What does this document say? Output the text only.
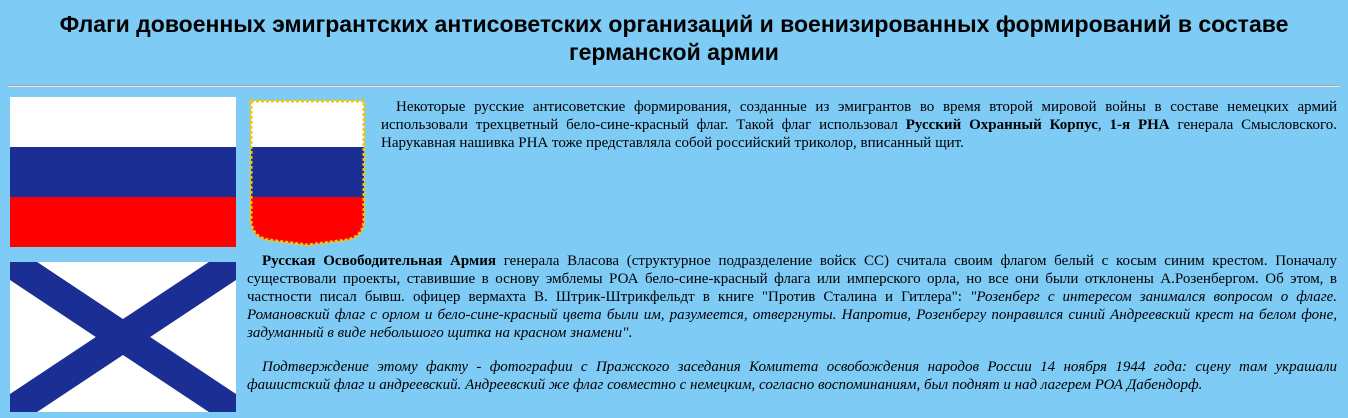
Флаги довоенных эмигрантских антисоветских организаций и военизированных формирований в составе германской армии

Некоторые русские антисоветские формирования, созданные из эмигрантов во время второй мировой войны в составе немецких армий использовали трехцветный бело-сине-красный флаг. Такой флаг использовал Русский Охранный Корпус, 1-я РНА генерала Смысловского. Нарукавная нашивка РНА тоже представляла собой российский триколор, вписанный щит.

Русская Освободительная Армия генерала Власова (структурное подразделение войск СС) считала своим флагом белый с косым синим крестом. Поначалу существовали проекты, ставившие в основу эмблемы РОА бело-сине-красный флага или имперского орла, но все они были отклонены А.Розенбергом. Об этом, в частности писал бывш. офицер вермахта В. Штрик-Штрикфельдт в книге "Против Сталина и Гитлера": "Розенберг с интересом занимался вопросом о флаге. Романовский флаг с орлом и бело-сине-красный цвета были им, разумеется, отвергнуты. Напротив, Розенбергу понравился синий Андреевский крест на белом фоне, задуманный в виде небольшого щитка на красном знамени".

Подтверждение этому факту - фотографии с Пражского заседания Комитета освобождения народов России 14 ноября 1944 года: сцену там украшали фашистский флаг и андреевский. Андреевский же флаг совместно с немецким, согласно воспоминаниям, был поднят и над лагерем РОА Дабендорф.
